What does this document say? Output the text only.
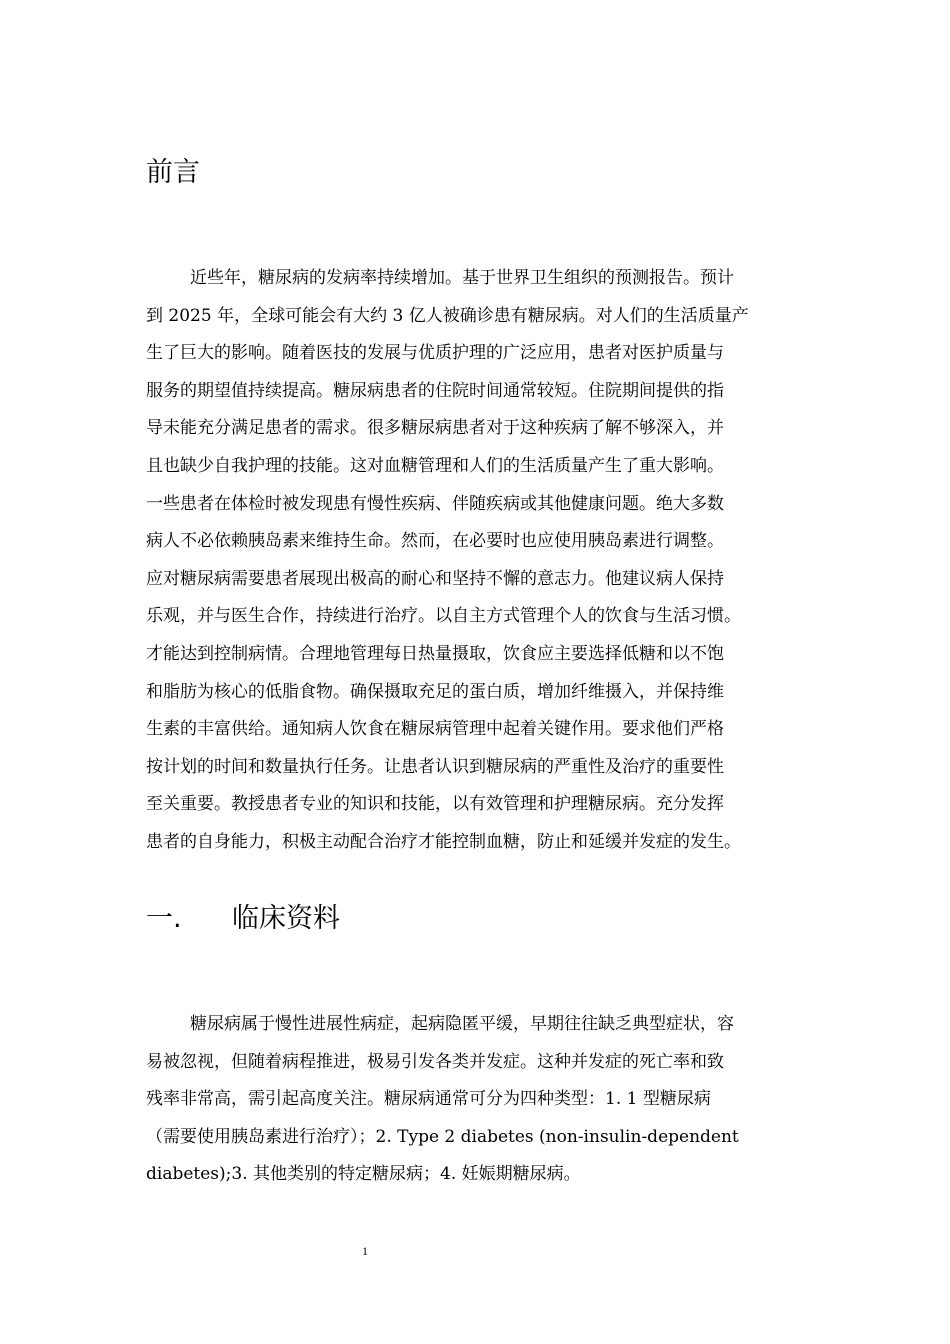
前言
近些年，糖尿病的发病率持续增加。基于世界卫生组织的预测报告。预计
到 2025 年，全球可能会有大约 3 亿人被确诊患有糖尿病。对人们的生活质量产
生了巨大的影响。随着医技的发展与优质护理的广泛应用，患者对医护质量与
服务的期望值持续提高。糖尿病患者的住院时间通常较短。住院期间提供的指
导未能充分满足患者的需求。很多糖尿病患者对于这种疾病了解不够深入，并
且也缺少自我护理的技能。这对血糖管理和人们的生活质量产生了重大影响。
一些患者在体检时被发现患有慢性疾病、伴随疾病或其他健康问题。绝大多数
病人不必依赖胰岛素来维持生命。然而，在必要时也应使用胰岛素进行调整。
应对糖尿病需要患者展现出极高的耐心和坚持不懈的意志力。他建议病人保持
乐观，并与医生合作，持续进行治疗。以自主方式管理个人的饮食与生活习惯。
才能达到控制病情。合理地管理每日热量摄取，饮食应主要选择低糖和以不饱
和脂肪为核心的低脂食物。确保摄取充足的蛋白质，增加纤维摄入，并保持维
生素的丰富供给。通知病人饮食在糖尿病管理中起着关键作用。要求他们严格
按计划的时间和数量执行任务。让患者认识到糖尿病的严重性及治疗的重要性
至关重要。教授患者专业的知识和技能，以有效管理和护理糖尿病。充分发挥
患者的自身能力，积极主动配合治疗才能控制血糖，防止和延缓并发症的发生。
一. 临床资料
糖尿病属于慢性进展性病症，起病隐匿平缓，早期往往缺乏典型症状，容
易被忽视，但随着病程推进，极易引发各类并发症。这种并发症的死亡率和致
残率非常高，需引起高度关注。糖尿病通常可分为四种类型：1. 1 型糖尿病
（需要使用胰岛素进行治疗）；2. Type 2 diabetes (non-insulin-dependent
diabetes);3. 其他类别的特定糖尿病；4. 妊娠期糖尿病。
1
